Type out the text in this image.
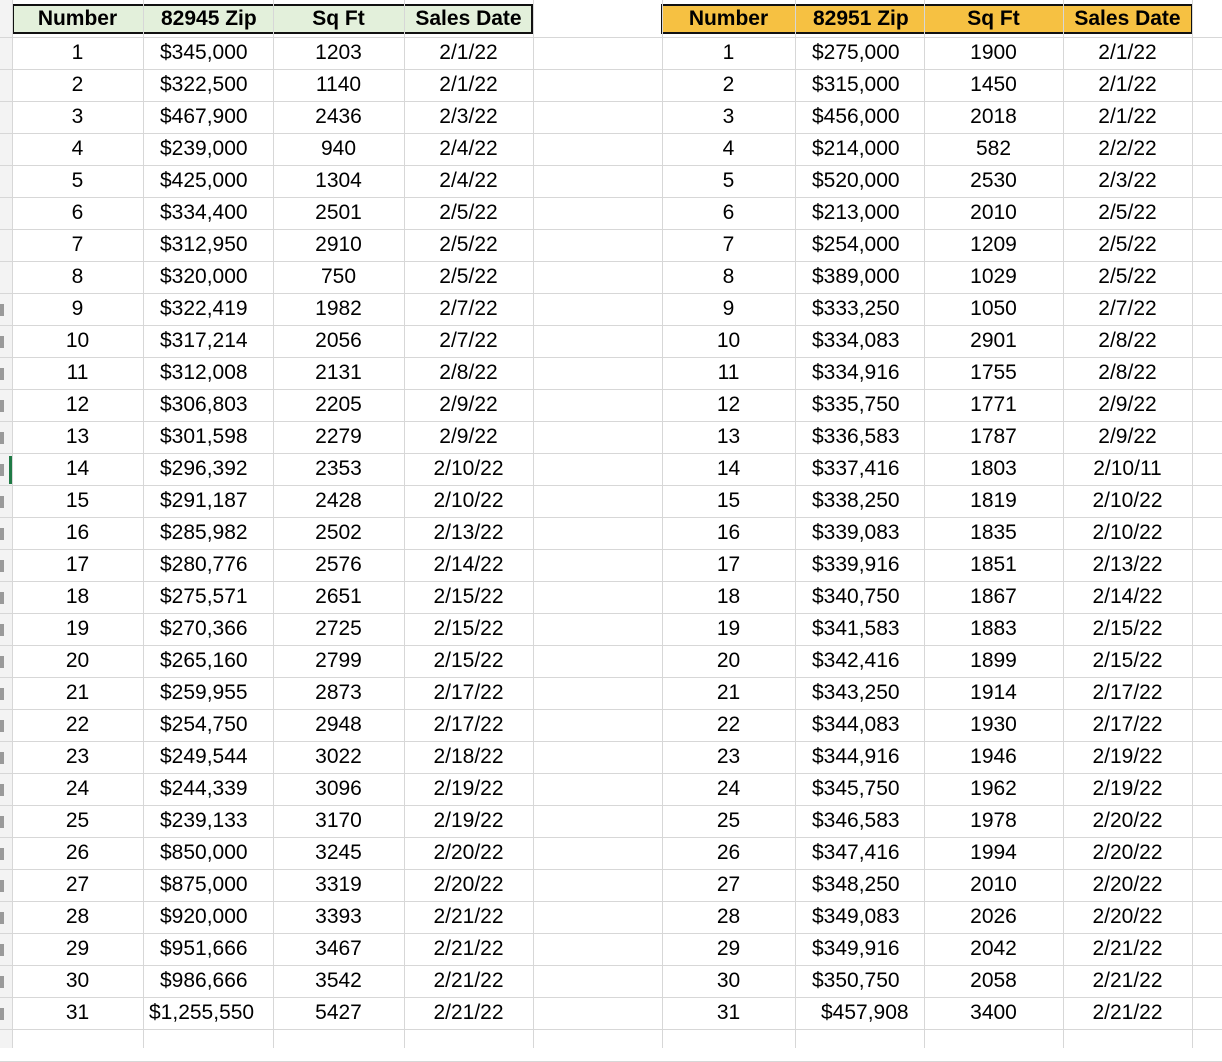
Number	82945 Zip	Sq Ft	Sales Date
1	$345,000	1203	2/1/22
2	$322,500	1140	2/1/22
3	$467,900	2436	2/3/22
4	$239,000	940	2/4/22
5	$425,000	1304	2/4/22
6	$334,400	2501	2/5/22
7	$312,950	2910	2/5/22
8	$320,000	750	2/5/22
9	$322,419	1982	2/7/22
10	$317,214	2056	2/7/22
11	$312,008	2131	2/8/22
12	$306,803	2205	2/9/22
13	$301,598	2279	2/9/22
14	$296,392	2353	2/10/22
15	$291,187	2428	2/10/22
16	$285,982	2502	2/13/22
17	$280,776	2576	2/14/22
18	$275,571	2651	2/15/22
19	$270,366	2725	2/15/22
20	$265,160	2799	2/15/22
21	$259,955	2873	2/17/22
22	$254,750	2948	2/17/22
23	$249,544	3022	2/18/22
24	$244,339	3096	2/19/22
25	$239,133	3170	2/19/22
26	$850,000	3245	2/20/22
27	$875,000	3319	2/20/22
28	$920,000	3393	2/21/22
29	$951,666	3467	2/21/22
30	$986,666	3542	2/21/22
31	$1,255,550	5427	2/21/22
Number	82951 Zip	Sq Ft	Sales Date
1	$275,000	1900	2/1/22
2	$315,000	1450	2/1/22
3	$456,000	2018	2/1/22
4	$214,000	582	2/2/22
5	$520,000	2530	2/3/22
6	$213,000	2010	2/5/22
7	$254,000	1209	2/5/22
8	$389,000	1029	2/5/22
9	$333,250	1050	2/7/22
10	$334,083	2901	2/8/22
11	$334,916	1755	2/8/22
12	$335,750	1771	2/9/22
13	$336,583	1787	2/9/22
14	$337,416	1803	2/10/11
15	$338,250	1819	2/10/22
16	$339,083	1835	2/10/22
17	$339,916	1851	2/13/22
18	$340,750	1867	2/14/22
19	$341,583	1883	2/15/22
20	$342,416	1899	2/15/22
21	$343,250	1914	2/17/22
22	$344,083	1930	2/17/22
23	$344,916	1946	2/19/22
24	$345,750	1962	2/19/22
25	$346,583	1978	2/20/22
26	$347,416	1994	2/20/22
27	$348,250	2010	2/20/22
28	$349,083	2026	2/20/22
29	$349,916	2042	2/21/22
30	$350,750	2058	2/21/22
31	$457,908	3400	2/21/22
